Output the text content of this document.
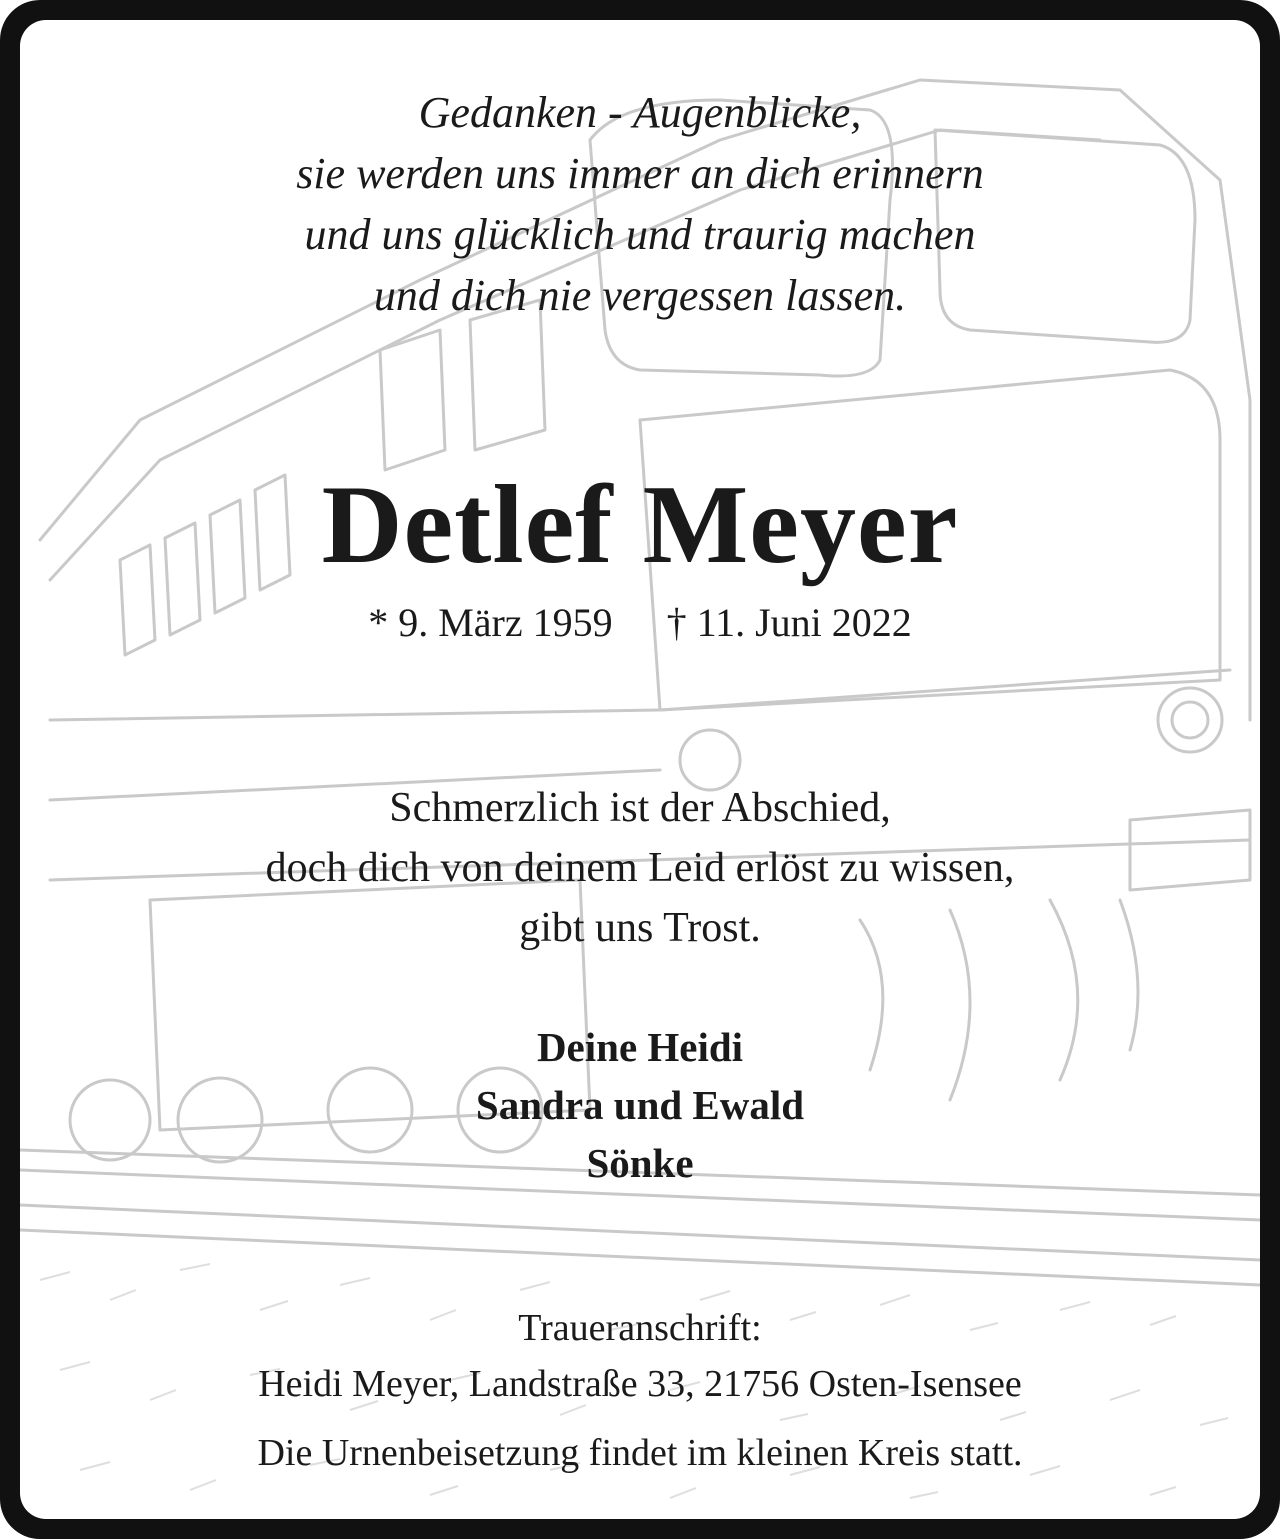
Gedanken - Augenblicke,
sie werden uns immer an dich erinnern
und uns glücklich und traurig machen
und dich nie vergessen lassen.
Detlef Meyer
* 9. März 1959 † 11. Juni 2022
Schmerzlich ist der Abschied,
doch dich von deinem Leid erlöst zu wissen,
gibt uns Trost.
Deine Heidi
Sandra und Ewald
Sönke
Traueranschrift:
Heidi Meyer, Landstraße 33, 21756 Osten-Isensee
Die Urnenbeisetzung findet im kleinen Kreis statt.
